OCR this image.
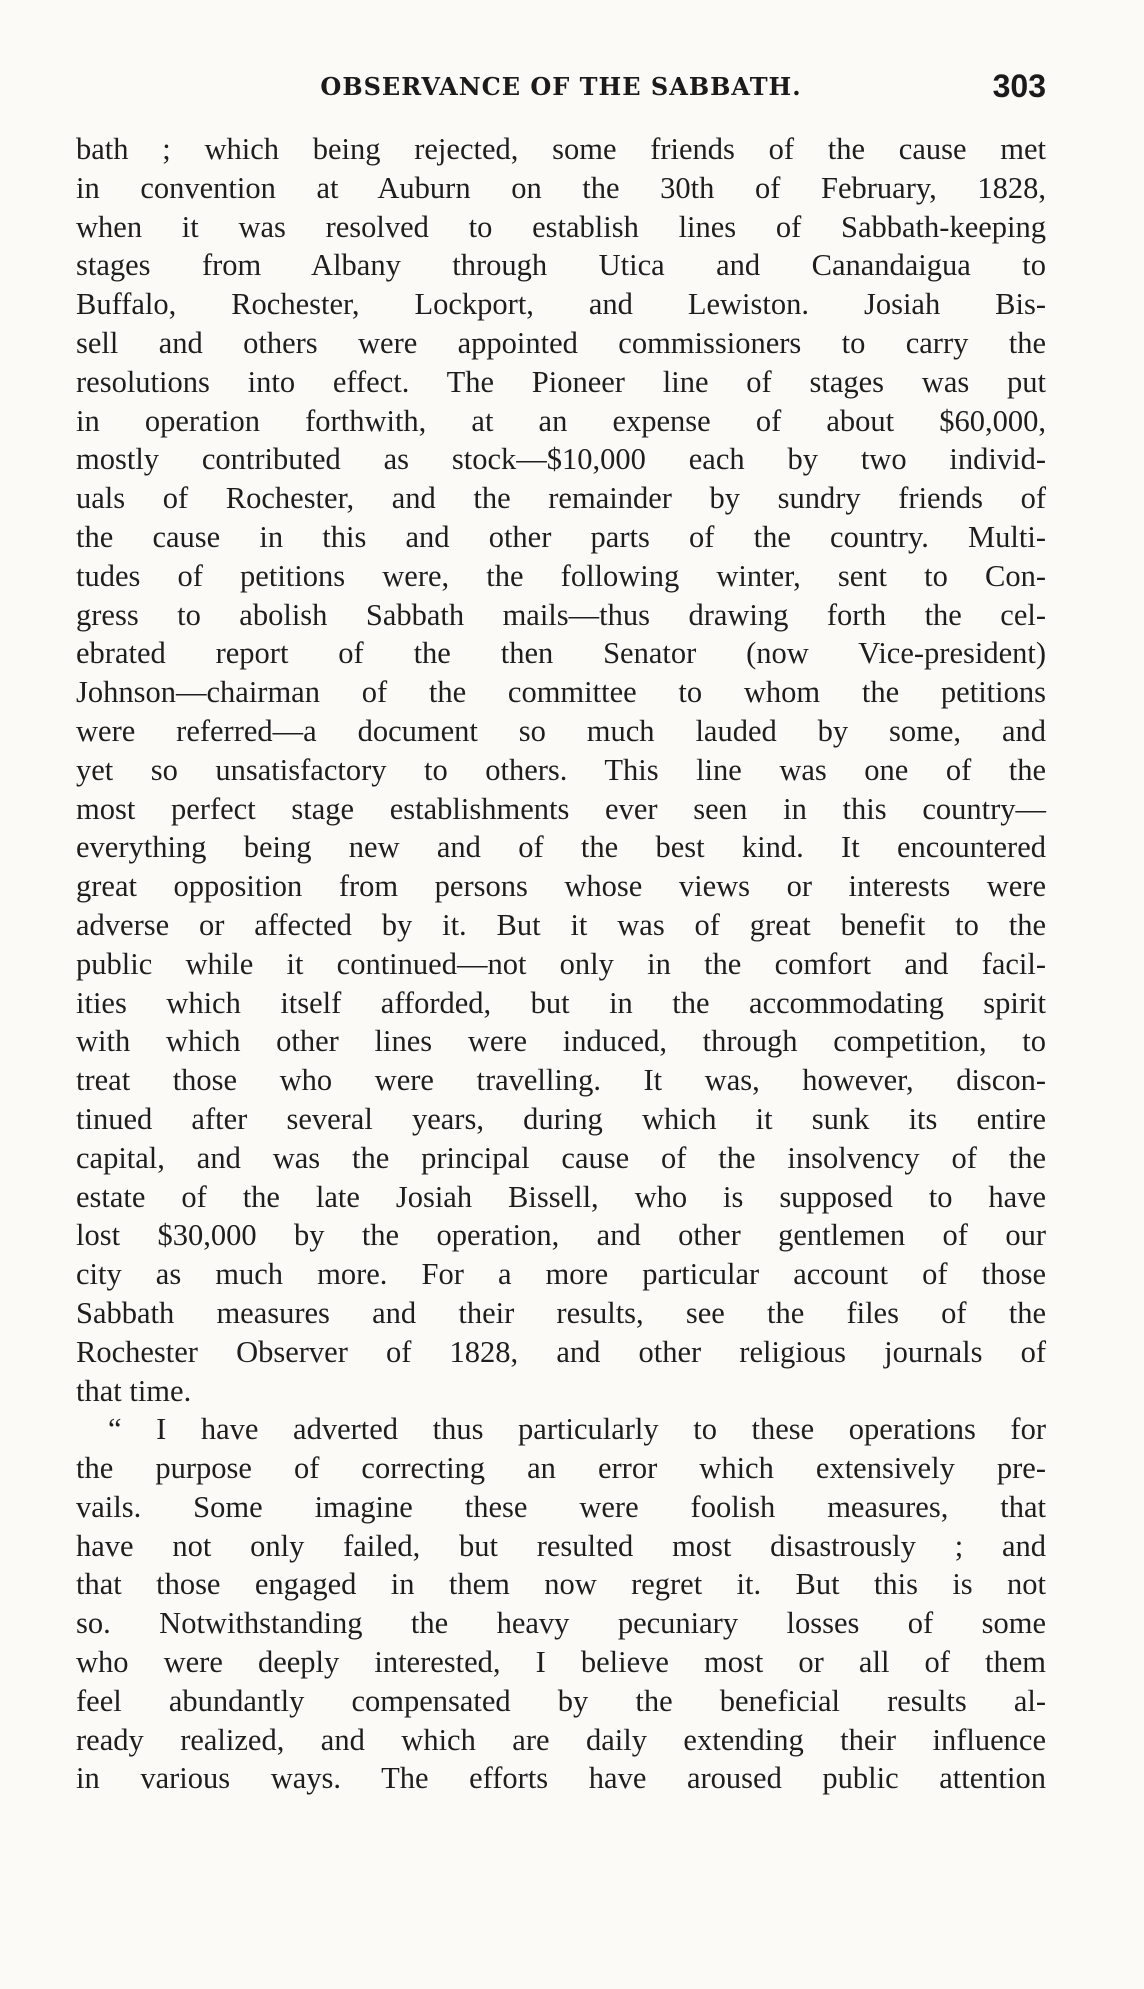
OBSERVANCE OF THE SABBATH.	303
bath ; which being rejected, some friends of the cause met
in convention at Auburn on the 30th of February, 1828,
when it was resolved to establish lines of Sabbath-keeping
stages from Albany through Utica and Canandaigua to
Buffalo, Rochester, Lockport, and Lewiston. Josiah Bis-
sell and others were appointed commissioners to carry the
resolutions into effect. The Pioneer line of stages was put
in operation forthwith, at an expense of about $60,000,
mostly contributed as stock—$10,000 each by two individ-
uals of Rochester, and the remainder by sundry friends of
the cause in this and other parts of the country. Multi-
tudes of petitions were, the following winter, sent to Con-
gress to abolish Sabbath mails—thus drawing forth the cel-
ebrated report of the then Senator (now Vice-president)
Johnson—chairman of the committee to whom the petitions
were referred—a document so much lauded by some, and
yet so unsatisfactory to others. This line was one of the
most perfect stage establishments ever seen in this country—
everything being new and of the best kind. It encountered
great opposition from persons whose views or interests were
adverse or affected by it. But it was of great benefit to the
public while it continued—not only in the comfort and facil-
ities which itself afforded, but in the accommodating spirit
with which other lines were induced, through competition, to
treat those who were travelling. It was, however, discon-
tinued after several years, during which it sunk its entire
capital, and was the principal cause of the insolvency of the
estate of the late Josiah Bissell, who is supposed to have
lost $30,000 by the operation, and other gentlemen of our
city as much more. For a more particular account of those
Sabbath measures and their results, see the files of the
Rochester Observer of 1828, and other religious journals of
that time.
“ I have adverted thus particularly to these operations for
the purpose of correcting an error which extensively pre-
vails. Some imagine these were foolish measures, that
have not only failed, but resulted most disastrously ; and
that those engaged in them now regret it. But this is not
so. Notwithstanding the heavy pecuniary losses of some
who were deeply interested, I believe most or all of them
feel abundantly compensated by the beneficial results al-
ready realized, and which are daily extending their influence
in various ways. The efforts have aroused public attention
